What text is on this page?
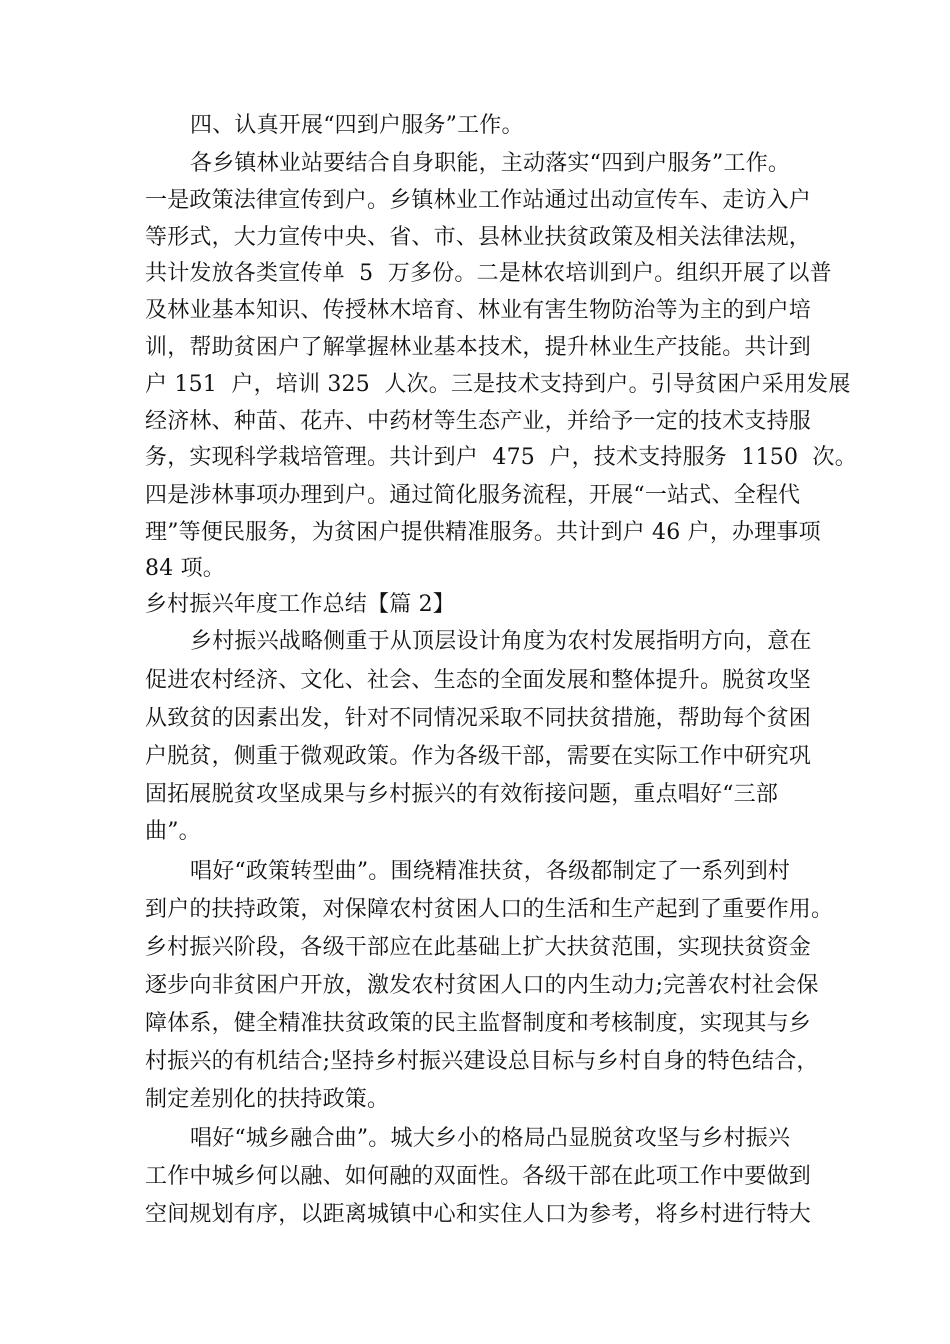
四、认真开展“四到户服务”工作。
各乡镇林业站要结合自身职能，主动落实“四到户服务”工作。
一是政策法律宣传到户。乡镇林业工作站通过出动宣传车、走访入户
等形式，大力宣传中央、省、市、县林业扶贫政策及相关法律法规，
共计发放各类宣传单  5  万多份。二是林农培训到户。组织开展了以普
及林业基本知识、传授林木培育、林业有害生物防治等为主的到户培
训，帮助贫困户了解掌握林业基本技术，提升林业生产技能。共计到
户 151  户，培训 325  人次。三是技术支持到户。引导贫困户采用发展
经济林、种苗、花卉、中药材等生态产业，并给予一定的技术支持服
务，实现科学栽培管理。共计到户  475  户，技术支持服务  1150  次。
四是涉林事项办理到户。通过简化服务流程，开展“一站式、全程代
理”等便民服务，为贫困户提供精准服务。共计到户 46 户，办理事项
84 项。
乡村振兴年度工作总结【篇 2】
乡村振兴战略侧重于从顶层设计角度为农村发展指明方向，意在
促进农村经济、文化、社会、生态的全面发展和整体提升。脱贫攻坚
从致贫的因素出发，针对不同情况采取不同扶贫措施，帮助每个贫困
户脱贫，侧重于微观政策。作为各级干部，需要在实际工作中研究巩
固拓展脱贫攻坚成果与乡村振兴的有效衔接问题，重点唱好“三部
曲”。
唱好“政策转型曲”。围绕精准扶贫，各级都制定了一系列到村
到户的扶持政策，对保障农村贫困人口的生活和生产起到了重要作用。
乡村振兴阶段，各级干部应在此基础上扩大扶贫范围，实现扶贫资金
逐步向非贫困户开放，激发农村贫困人口的内生动力;完善农村社会保
障体系，健全精准扶贫政策的民主监督制度和考核制度，实现其与乡
村振兴的有机结合;坚持乡村振兴建设总目标与乡村自身的特色结合，
制定差别化的扶持政策。
唱好“城乡融合曲”。城大乡小的格局凸显脱贫攻坚与乡村振兴
工作中城乡何以融、如何融的双面性。各级干部在此项工作中要做到
空间规划有序，以距离城镇中心和实住人口为参考，将乡村进行特大
